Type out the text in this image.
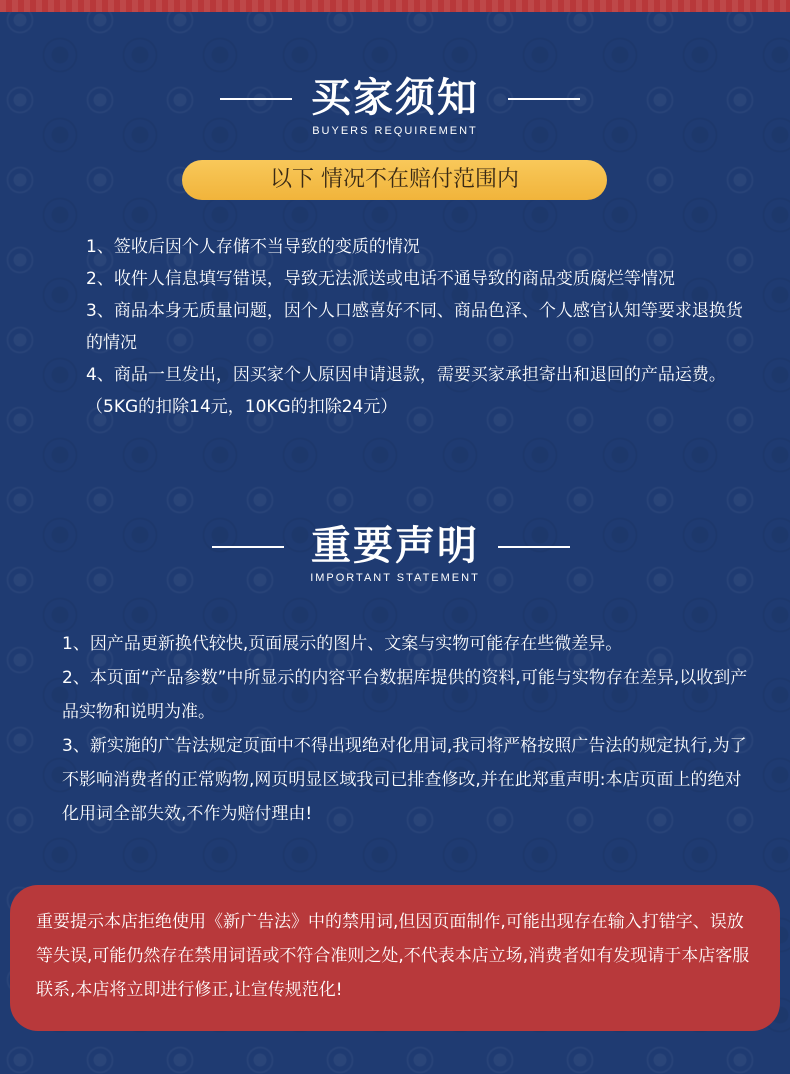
买家须知
BUYERS REQUIREMENT
以下 情况不在赔付范围内

1、签收后因个人存储不当导致的变质的情况

2、收件人信息填写错误，导致无法派送或电话不通导致的商品变质腐烂等情况

3、商品本身无质量问题，因个人口感喜好不同、商品色泽、个人感官认知等要求退换货的情况

4、商品一旦发出，因买家个人原因申请退款，需要买家承担寄出和退回的产品运费。（5KG的扣除14元，10KG的扣除24元）

重要声明
IMPORTANT STATEMENT

1、因产品更新换代较快,页面展示的图片、文案与实物可能存在些微差异。

2、本页面“产品参数”中所显示的内容平台数据库提供的资料,可能与实物存在差异,以收到产品实物和说明为准。

3、新实施的广告法规定页面中不得出现绝对化用词,我司将严格按照广告法的规定执行,为了不影响消费者的正常购物,网页明显区域我司已排查修改,并在此郑重声明:本店页面上的绝对化用词全部失效,不作为赔付理由!

重要提示本店拒绝使用《新广告法》中的禁用词,但因页面制作,可能出现存在输入打错字、误放等失误,可能仍然存在禁用词语或不符合准则之处,不代表本店立场,消费者如有发现请于本店客服联系,本店将立即进行修正,让宣传规范化!
